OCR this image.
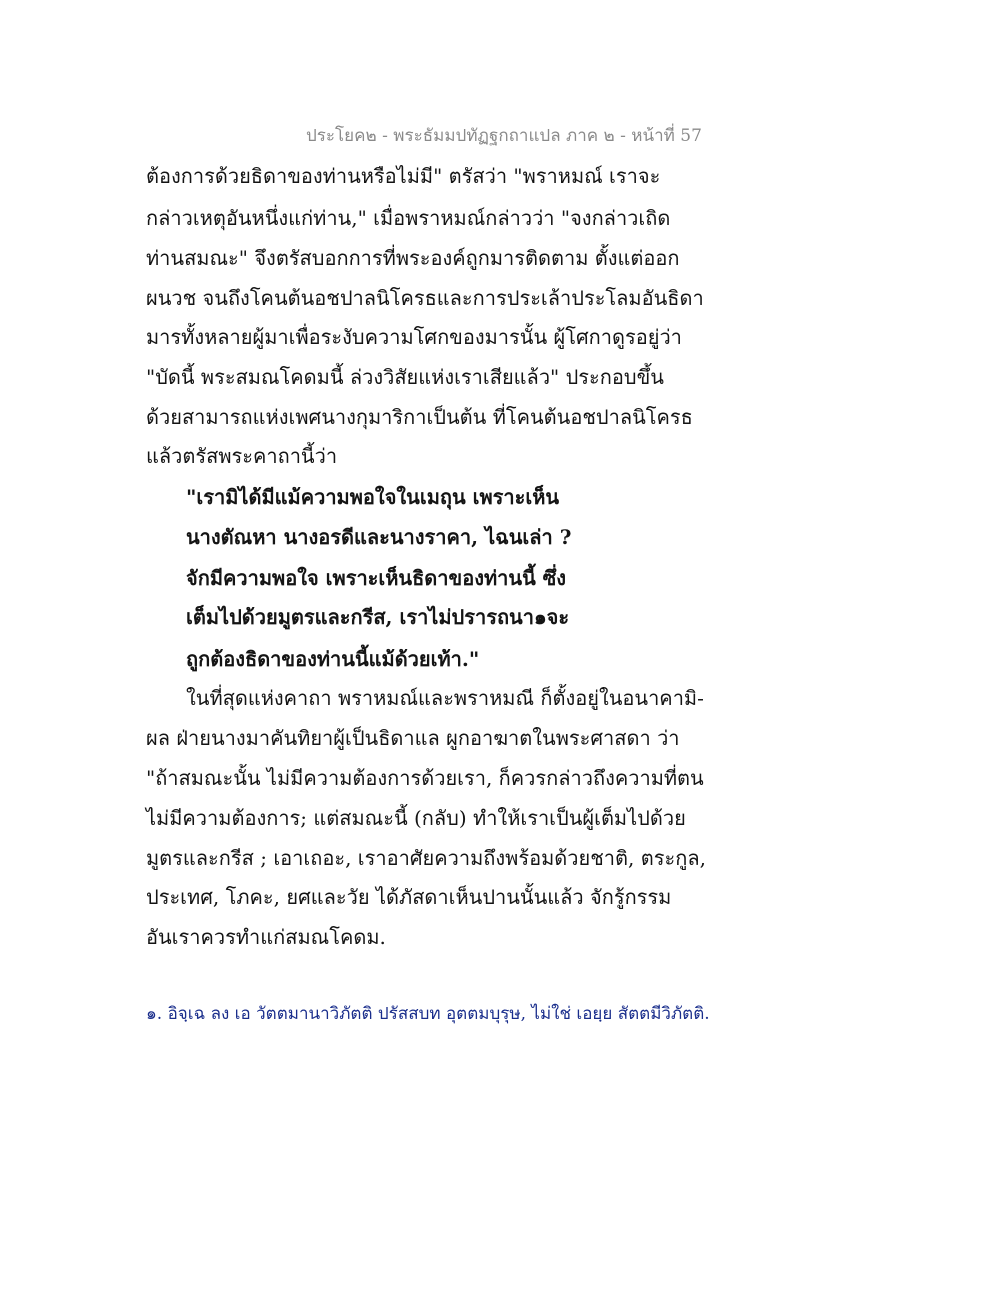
ประโยค๒ - พระธัมมปทัฏฐกถาแปล ภาค ๒ - หน้าที่ 57
ต้องการด้วยธิดาของท่านหรือไม่มี" ตรัสว่า "พราหมณ์ เราจะ
กล่าวเหตุอันหนึ่งแก่ท่าน," เมื่อพราหมณ์กล่าวว่า "จงกล่าวเถิด
ท่านสมณะ" จึงตรัสบอกการที่พระองค์ถูกมารติดตาม ตั้งแต่ออก
ผนวช จนถึงโคนต้นอชปาลนิโครธและการประเล้าประโลมอันธิดา
มารทั้งหลายผู้มาเพื่อระงับความโศกของมารนั้น ผู้โศกาดูรอยู่ว่า
"บัดนี้ พระสมณโคดมนี้ ล่วงวิสัยแห่งเราเสียแล้ว" ประกอบขึ้น
ด้วยสามารถแห่งเพศนางกุมาริกาเป็นต้น ที่โคนต้นอชปาลนิโครธ
แล้วตรัสพระคาถานี้ว่า
"เรามิได้มีแม้ความพอใจในเมถุน เพราะเห็น
นางตัณหา นางอรดีและนางราคา, ไฉนเล่า ?
จักมีความพอใจ เพราะเห็นธิดาของท่านนี้ ซึ่ง
เต็มไปด้วยมูตรและกรีส, เราไม่ปรารถนา๑จะ
ถูกต้องธิดาของท่านนี้แม้ด้วยเท้า."
ในที่สุดแห่งคาถา พราหมณ์และพราหมณี ก็ตั้งอยู่ในอนาคามิ-
ผล ฝ่ายนางมาคันทิยาผู้เป็นธิดาแล ผูกอาฆาตในพระศาสดา ว่า
"ถ้าสมณะนั้น ไม่มีความต้องการด้วยเรา, ก็ควรกล่าวถึงความที่ตน
ไม่มีความต้องการ; แต่สมณะนี้ (กลับ) ทำให้เราเป็นผู้เต็มไปด้วย
มูตรและกรีส ; เอาเถอะ, เราอาศัยความถึงพร้อมด้วยชาติ, ตระกูล,
ประเทศ, โภคะ, ยศและวัย ได้ภัสดาเห็นปานนั้นแล้ว จักรู้กรรม
อันเราควรทำแก่สมณโคดม.
๑. อิจฺเฉ ลง เอ วัตตมานาวิภัตติ ปรัสสบท อุตตมบุรุษ, ไม่ใช่ เอยฺย สัตตมีวิภัตติ.
